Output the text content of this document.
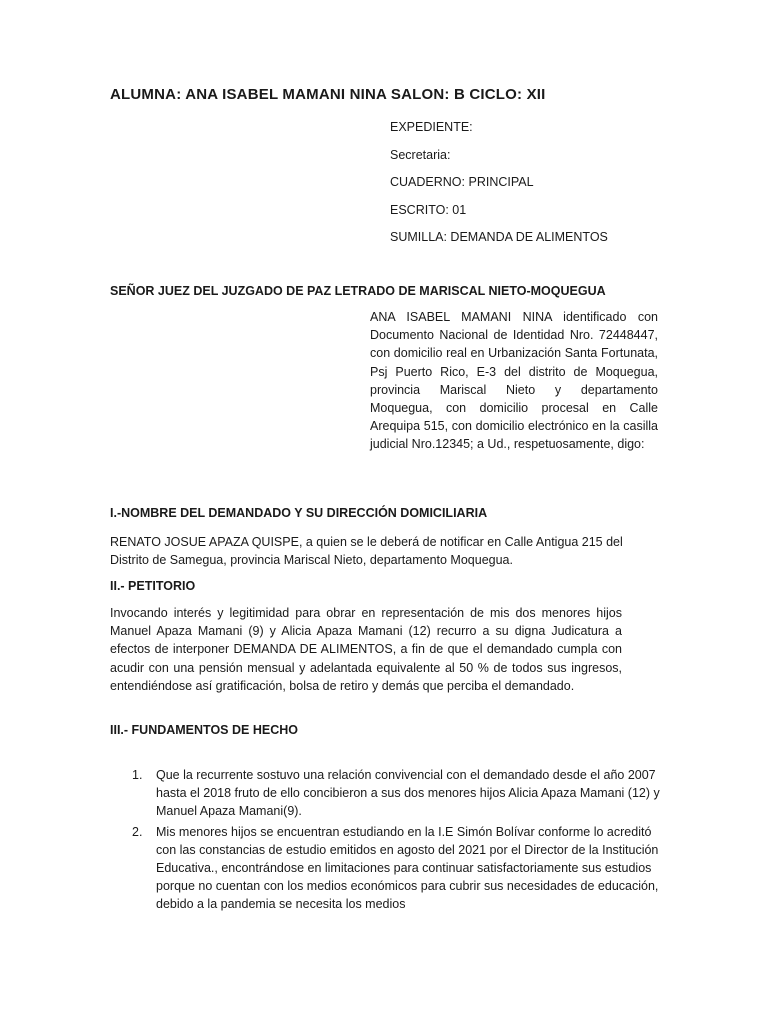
ALUMNA: ANA ISABEL MAMANI NINA SALON: B CICLO: XII
EXPEDIENTE:
Secretaria:
CUADERNO: PRINCIPAL
ESCRITO: 01
SUMILLA: DEMANDA DE ALIMENTOS
SEÑOR JUEZ DEL JUZGADO DE PAZ LETRADO DE MARISCAL NIETO-MOQUEGUA
ANA ISABEL MAMANI NINA identificado con Documento Nacional de Identidad Nro. 72448447, con domicilio real en Urbanización Santa Fortunata, Psj Puerto Rico, E-3 del distrito de Moquegua, provincia Mariscal Nieto y departamento Moquegua, con domicilio procesal en Calle Arequipa 515, con domicilio electrónico en la casilla judicial Nro.12345; a Ud., respetuosamente, digo:
I.-NOMBRE DEL DEMANDADO Y SU DIRECCIÓN DOMICILIARIA
RENATO JOSUE APAZA QUISPE, a quien se le deberá de notificar en Calle Antigua 215 del Distrito de Samegua, provincia Mariscal Nieto, departamento Moquegua.
II.- PETITORIO
Invocando interés y legitimidad para obrar en representación de mis dos menores hijos Manuel Apaza Mamani (9) y Alicia Apaza Mamani (12) recurro a su digna Judicatura a efectos de interponer DEMANDA DE ALIMENTOS, a fin de que el demandado cumpla con acudir con una pensión mensual y adelantada equivalente al 50 % de todos sus ingresos, entendiéndose así gratificación, bolsa de retiro y demás que perciba el demandado.
III.- FUNDAMENTOS DE HECHO
1. Que la recurrente sostuvo una relación convivencial con el demandado desde el año 2007 hasta el 2018 fruto de ello concibieron a sus dos menores hijos Alicia Apaza Mamani (12) y Manuel Apaza Mamani(9).
2. Mis menores hijos se encuentran estudiando en la I.E Simón Bolívar conforme lo acreditó con las constancias de estudio emitidos en agosto del 2021 por el Director de la Institución Educativa., encontrándose en limitaciones para continuar satisfactoriamente sus estudios porque no cuentan con los medios económicos para cubrir sus necesidades de educación, debido a la pandemia se necesita los medios
